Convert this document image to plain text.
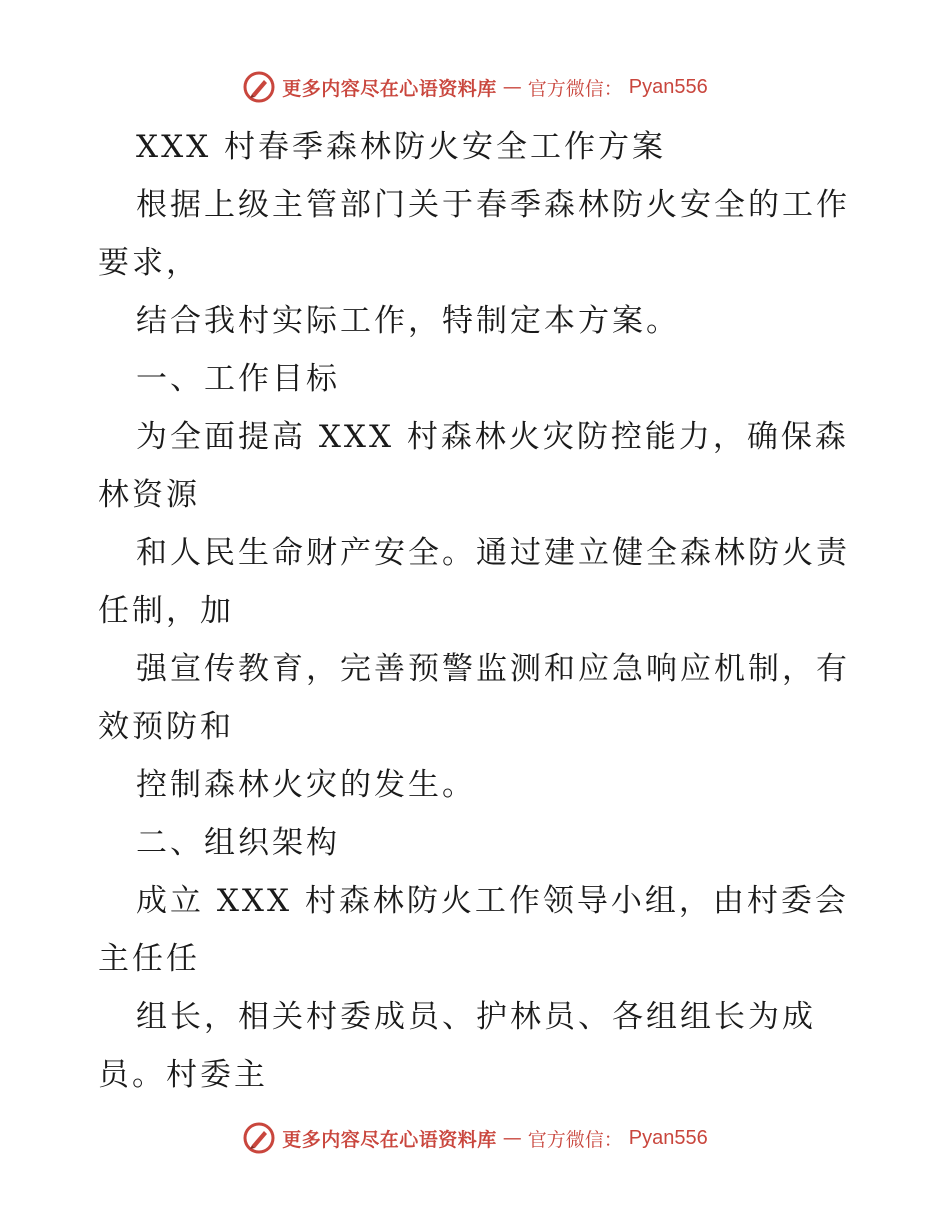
更多内容尽在心语资料库 — 官方微信： Pyan556
XXX 村春季森林防火安全工作方案
根据上级主管部门关于春季森林防火安全的工作
要求，
结合我村实际工作，特制定本方案。
一、工作目标
为全面提高 XXX 村森林火灾防控能力，确保森
林资源
和人民生命财产安全。通过建立健全森林防火责
任制，加
强宣传教育，完善预警监测和应急响应机制，有
效预防和
控制森林火灾的发生。
二、组织架构
成立 XXX 村森林防火工作领导小组，由村委会
主任任
组长，相关村委成员、护林员、各组组长为成
员。村委主
更多内容尽在心语资料库 — 官方微信： Pyan556
